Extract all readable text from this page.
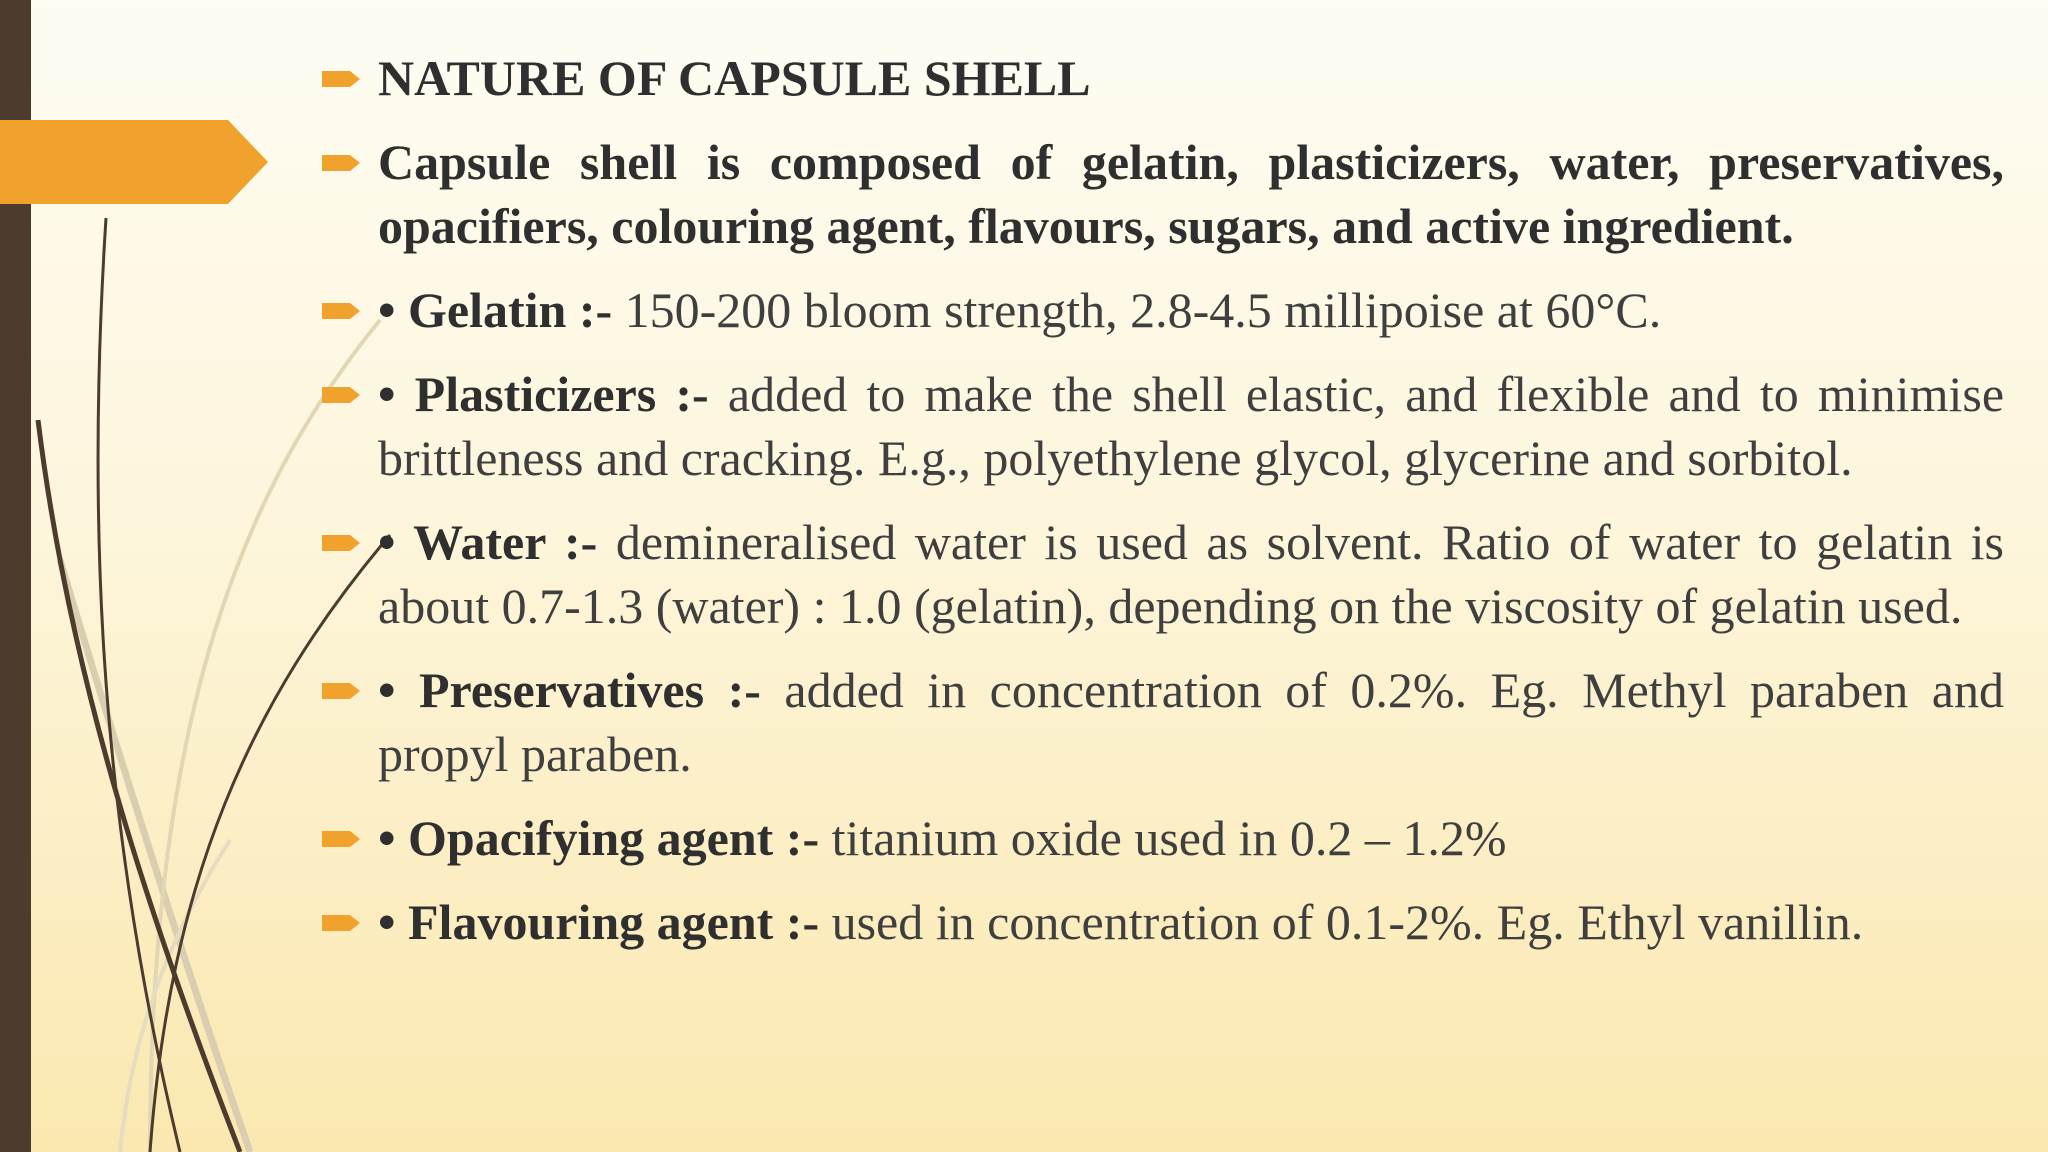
NATURE OF CAPSULE SHELL
Capsule shell is composed of gelatin, plasticizers, water, preservatives, opacifiers, colouring agent, flavours, sugars, and active ingredient.
• Gelatin :- 150-200 bloom strength, 2.8-4.5 millipoise at 60°C.
• Plasticizers :- added to make the shell elastic, and flexible and to minimise brittleness and cracking. E.g., polyethylene glycol, glycerine and sorbitol.
• Water :- demineralised water is used as solvent. Ratio of water to gelatin is about 0.7-1.3 (water) : 1.0 (gelatin), depending on the viscosity of gelatin used.
• Preservatives :- added in concentration of 0.2%. Eg. Methyl paraben and propyl paraben.
• Opacifying agent :- titanium oxide used in 0.2 – 1.2%
• Flavouring agent :- used in concentration of 0.1-2%. Eg. Ethyl vanillin.
